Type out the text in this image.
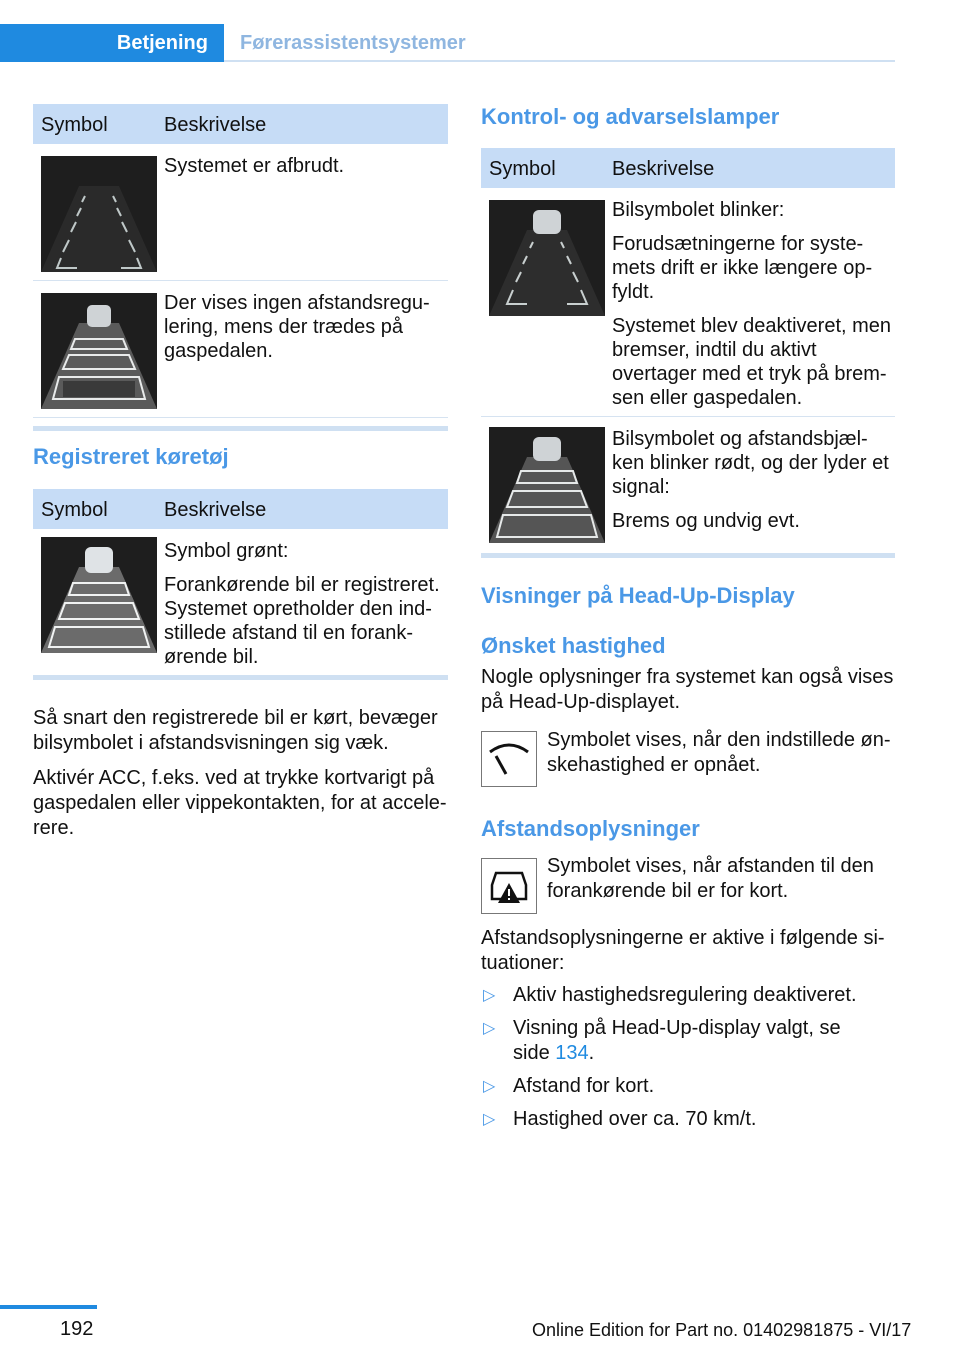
Betjening Førerassistentsystemer
Symbol	Beskrivelse

Systemet er afbrudt.

Der vises ingen afstandsregu-lering, mens der trædes på gaspedalen.

Registreret køretøj
Symbol	Beskrivelse

Symbol grønt:

Forankørende bil er registreret. Systemet opretholder den ind-stillede afstand til en forank-ørende bil.

Så snart den registrerede bil er kørt, bevæger bilsymbolet i afstandsvisningen sig væk.

Aktivér ACC, f.eks. ved at trykke kortvarigt på gaspedalen eller vippekontakten, for at accele-rere.

Kontrol- og advarselslamper
Symbol	Beskrivelse

Bilsymbolet blinker:

Forudsætningerne for syste-mets drift er ikke længere op-fyldt.

Systemet blev deaktiveret, men bremser, indtil du aktivt overtager med et tryk på brem-sen eller gaspedalen.

Bilsymbolet og afstandsbjæl-ken blinker rødt, og der lyder et signal:

Brems og undvig evt.

Visninger på Head-Up-Display
Ønsket hastighed

Nogle oplysninger fra systemet kan også vises på Head-Up-displayet.

Symbolet vises, når den indstillede øn-skehastighed er opnået.
Afstandsoplysninger
Symbolet vises, når afstanden til den forankørende bil er for kort.
Afstandsoplysningerne er aktive i følgende si-tuationer:
▷ Aktiv hastighedsregulering deaktiveret.
▷ Visning på Head-Up-display valgt, se
side 134.
▷ Afstand for kort.
▷ Hastighed over ca. 70 km/t.
192	Online Edition for Part no. 01402981875 - VI/17
